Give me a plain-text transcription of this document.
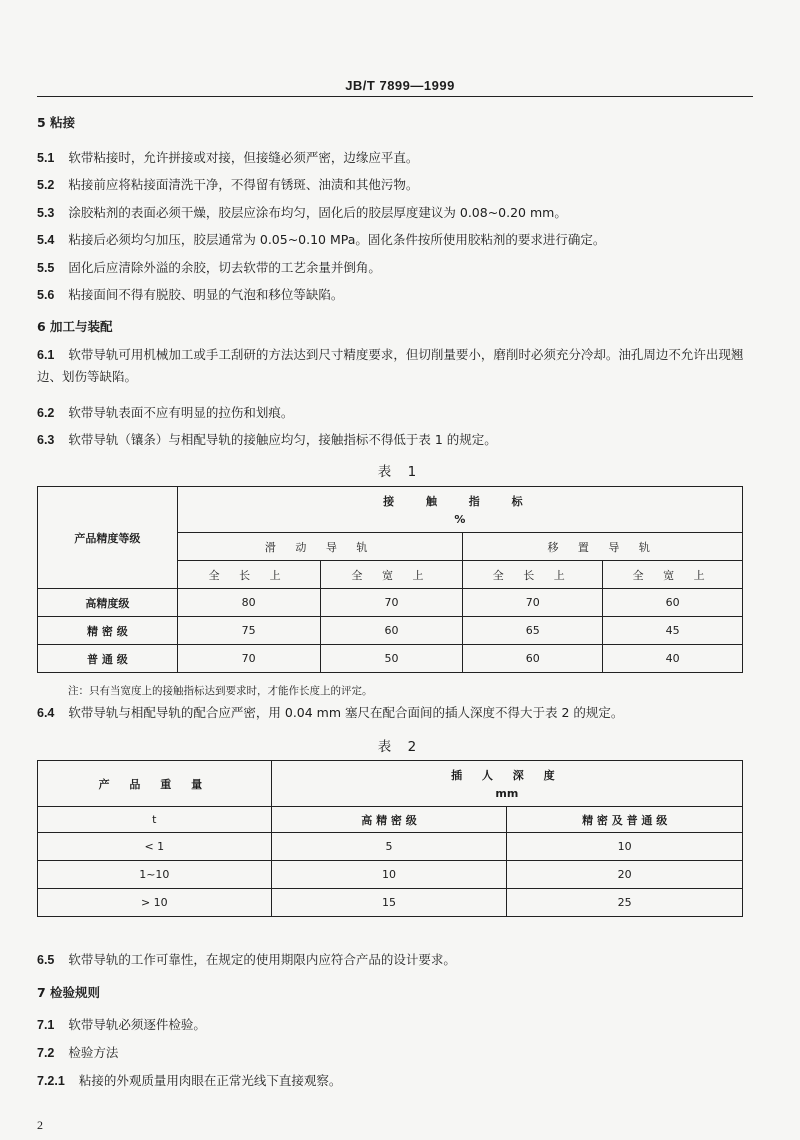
JB/T 7899—1999
5 粘接
5.1 软带粘接时，允许拼接或对接，但接缝必须严密，边缘应平直。
5.2 粘接前应将粘接面清洗干净，不得留有锈斑、油渍和其他污物。
5.3 涂胶粘剂的表面必须干燥，胶层应涂布均匀，固化后的胶层厚度建议为 0.08~0.20 mm。
5.4 粘接后必须均匀加压，胶层通常为 0.05~0.10 MPa。固化条件按所使用胶粘剂的要求进行确定。
5.5 固化后应清除外溢的余胶，切去软带的工艺余量并倒角。
5.6 粘接面间不得有脱胶、明显的气泡和移位等缺陷。
6 加工与装配
6.1 软带导轨可用机械加工或手工刮研的方法达到尺寸精度要求，但切削量要小，磨削时必须充分冷却。油孔周边不允许出现翘边、划伤等缺陷。
6.2 软带导轨表面不应有明显的拉伤和划痕。
6.3 软带导轨（镶条）与相配导轨的接触应均匀，接触指标不得低于表 1 的规定。
表 1
产品精度等级	接 触 指 标
%			

	滑 动 导 轨		移 置 导 轨	
	全 长 上	全 宽 上	全 长 上	全 宽 上
高精度级	80	70	70	60
精 密 级	75	60	65	45
普 通 级	70	50	60	40
注：只有当宽度上的接触指标达到要求时，才能作长度上的评定。
6.4 软带导轨与相配导轨的配合应严密，用 0.04 mm 塞尺在配合面间的插人深度不得大于表 2 的规定。
表 2
产 品 重 量	插 人 深 度
mm	

t	高 精 密 级	精 密 及 普 通 级
< 1	5	10
1~10	10	20
> 10	15	25
6.5 软带导轨的工作可靠性，在规定的使用期限内应符合产品的设计要求。
7 检验规则
7.1 软带导轨必须逐件检验。
7.2 检验方法
7.2.1 粘接的外观质量用肉眼在正常光线下直接观察。
2
